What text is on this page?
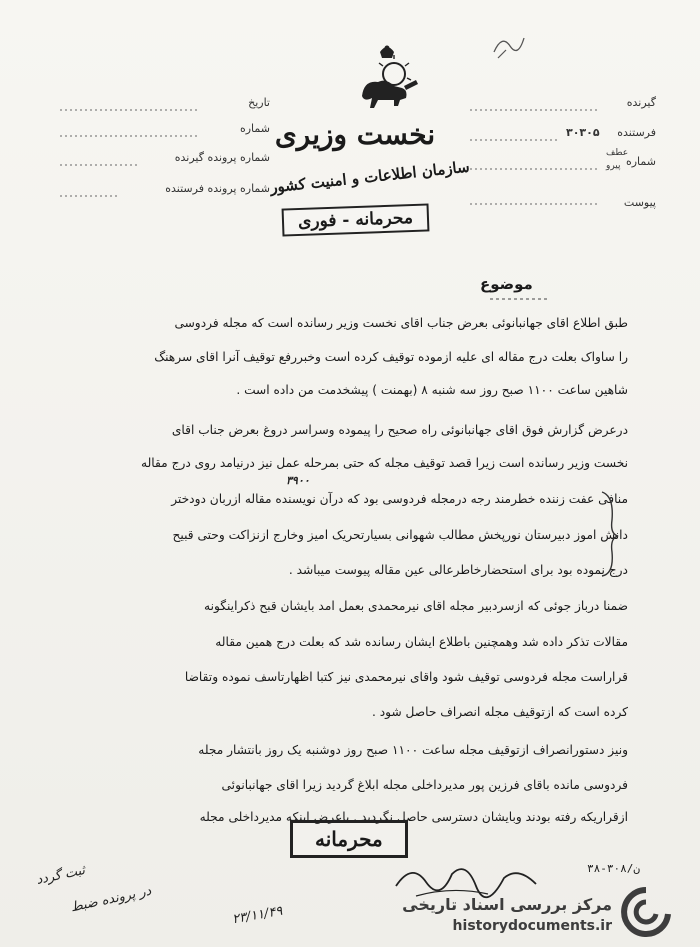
گیرنده
فرستنده
۳۰۳۰۵
شماره
عطف
پیرو
پیوست
تاریخ
شماره
شماره پرونده گیرنده
شماره پرونده فرستنده
نخست وزیری
سازمان اطلاعات و امنیت کشور
محرمانه - فوری
موضوع
طبق اطلاع اقای جهانبانوئی بعرض جناب اقای نخست وزیر رسانده است که مجله فردوسی
را ساواک بعلت درج مقاله ای علیه ازموده توقیف کرده است وخبررفع توقیف آنرا اقای سرهنگ
شاهین ساعت ۱۱۰۰ صبح روز سه شنبه ۸ (بهمنت ) پیشخدمت من داده است .
درعرض گزارش فوق اقای جهانبانوئی راه صحیح را پیموده وسراسر دروغ بعرض جناب اقای
نخست وزیر رسانده است زیرا قصد توقیف مجله که حتی بمرحله عمل نیز درنیامد روی درج مقاله
منافی عفت زننده خطرمند رجه درمجله فردوسی بود که درآن نویسنده مقاله ازربان دودختر
دانش اموز دبیرستان نورپخش مطالب شهوانی بسیارتحریک امیز وخارج ازنزاکت وحتی قبیح
درج نموده بود برای استحضارخاطرعالی عین مقاله پیوست میباشد .
ضمنا درباز جوئی که ازسردبیر مجله اقای نیرمحمدی بعمل امد بایشان قبح ذکراینگونه
مقالات تذکر داده شد وهمچنین باطلاع ایشان رسانده شد که بعلت درج همین مقاله
قراراست مجله فردوسی توقیف شود واقای نیرمحمدی نیز کتبا اظهارتاسف نموده وتقاضا
کرده است که ازتوقیف مجله انصراف حاصل شود .
ونیز دستورانصراف ازتوقیف مجله ساعت ۱۱۰۰ صبح روز دوشنبه یک روز بانتشار مجله
فردوسی مانده باقای فرزین پور مدیرداخلی مجله ابلاغ گردید زیرا اقای جهانبانوئی
ازقراریکه رفته بودند وبایشان دسترسی حاصل نگردید . باعرض اینکه مدیرداخلی مجله
۳۹۰۰
محرمانه
ثبت گردد
در پرونده ضبط
۲۳/۱۱/۴۹
۳۸-۳۰۸/ن
مرکز بررسی اسناد تاریخی
historydocuments.ir
